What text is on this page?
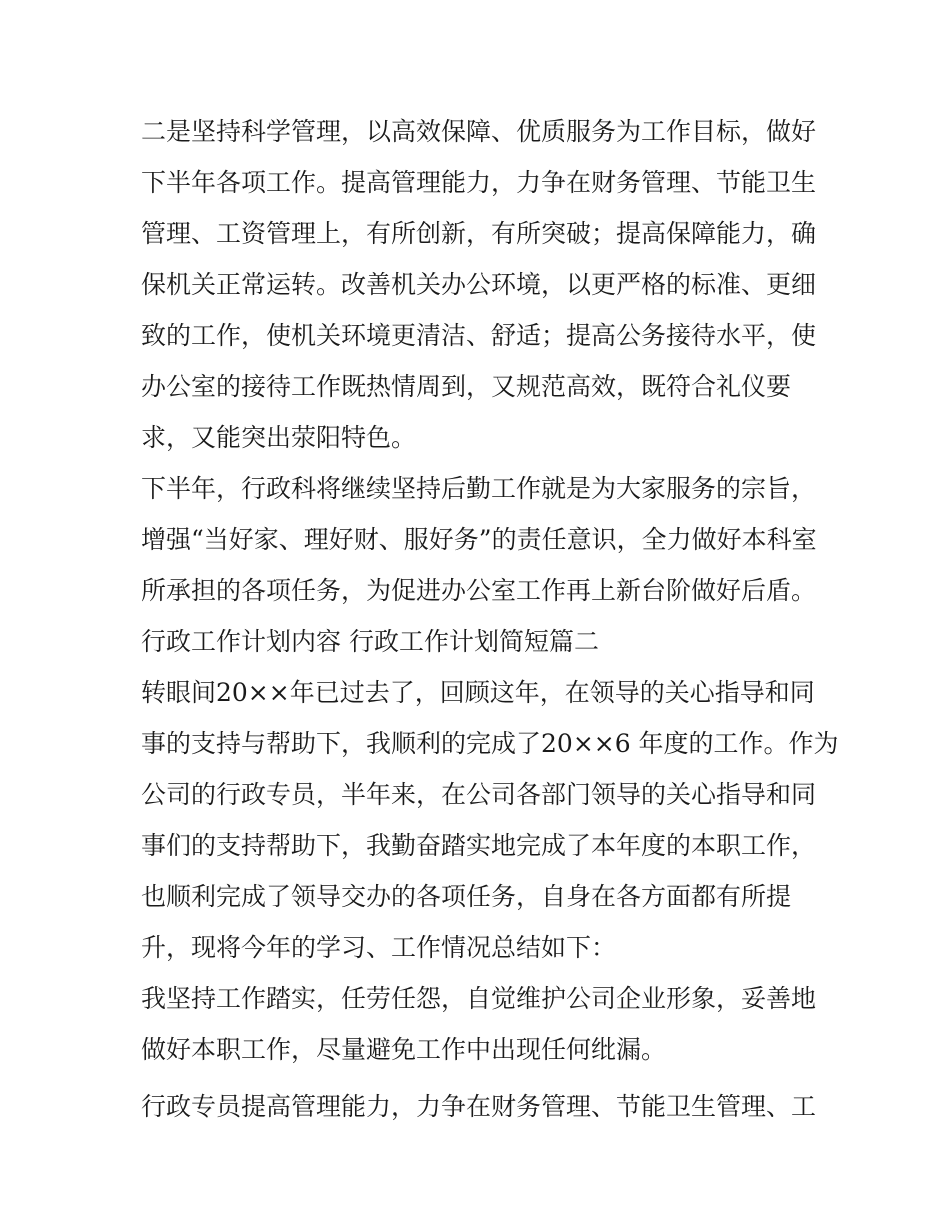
二是坚持科学管理，以高效保障、优质服务为工作目标，做好
下半年各项工作。提高管理能力，力争在财务管理、节能卫生
管理、工资管理上，有所创新，有所突破；提高保障能力，确
保机关正常运转。改善机关办公环境，以更严格的标准、更细
致的工作，使机关环境更清洁、舒适；提高公务接待水平，使
办公室的接待工作既热情周到，又规范高效，既符合礼仪要
求，又能突出荥阳特色。
下半年，行政科将继续坚持后勤工作就是为大家服务的宗旨，
增强“当好家、理好财、服好务”的责任意识，全力做好本科室
所承担的各项任务，为促进办公室工作再上新台阶做好后盾。
行政工作计划内容 行政工作计划简短篇二
转眼间20××年已过去了，回顾这年，在领导的关心指导和同
事的支持与帮助下，我顺利的完成了20××6 年度的工作。作为
公司的行政专员，半年来，在公司各部门领导的关心指导和同
事们的支持帮助下，我勤奋踏实地完成了本年度的本职工作，
也顺利完成了领导交办的各项任务，自身在各方面都有所提
升，现将今年的学习、工作情况总结如下：
我坚持工作踏实，任劳任怨，自觉维护公司企业形象，妥善地
做好本职工作，尽量避免工作中出现任何纰漏。
行政专员提高管理能力，力争在财务管理、节能卫生管理、工
